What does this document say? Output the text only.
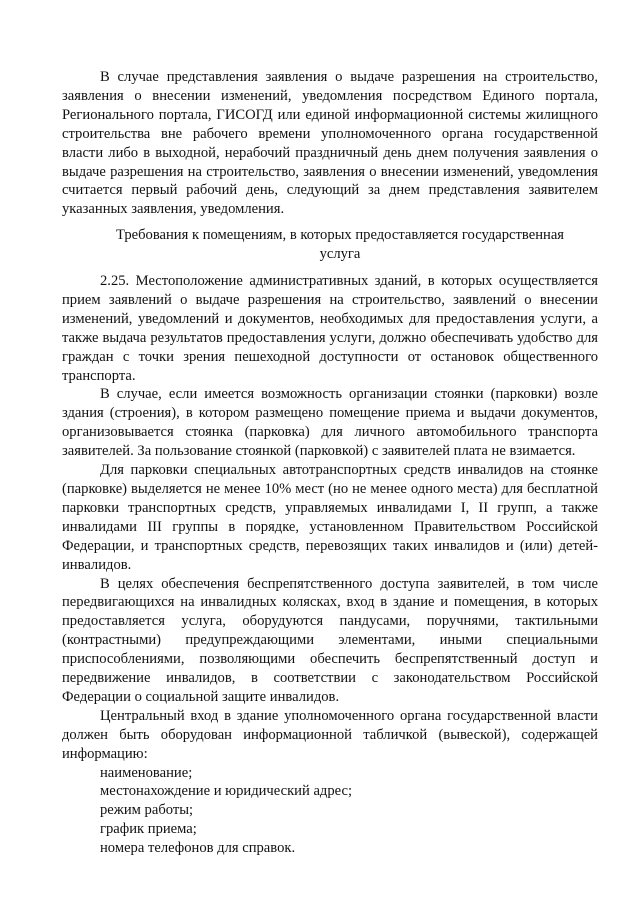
В случае представления заявления о выдаче разрешения на строительство, заявления о внесении изменений, уведомления посредством Единого портала, Регионального портала, ГИСОГД или единой информационной системы жилищного строительства вне рабочего времени уполномоченного органа государственной власти либо в выходной, нерабочий праздничный день днем получения заявления о выдаче разрешения на строительство, заявления о внесении изменений, уведомления считается первый рабочий день, следующий за днем представления заявителем указанных заявления, уведомления.

Требования к помещениям, в которых предоставляется государственная услуга

2.25. Местоположение административных зданий, в которых осуществляется прием заявлений о выдаче разрешения на строительство, заявлений о внесении изменений, уведомлений и документов, необходимых для предоставления услуги, а также выдача результатов предоставления услуги, должно обеспечивать удобство для граждан с точки зрения пешеходной доступности от остановок общественного транспорта.

В случае, если имеется возможность организации стоянки (парковки) возле здания (строения), в котором размещено помещение приема и выдачи документов, организовывается стоянка (парковка) для личного автомобильного транспорта заявителей. За пользование стоянкой (парковкой) с заявителей плата не взимается.

Для парковки специальных автотранспортных средств инвалидов на стоянке (парковке) выделяется не менее 10% мест (но не менее одного места) для бесплатной парковки транспортных средств, управляемых инвалидами I, II групп, а также инвалидами III группы в порядке, установленном Правительством Российской Федерации, и транспортных средств, перевозящих таких инвалидов и (или) детей-инвалидов.

В целях обеспечения беспрепятственного доступа заявителей, в том числе передвигающихся на инвалидных колясках, вход в здание и помещения, в которых предоставляется услуга, оборудуются пандусами, поручнями, тактильными (контрастными) предупреждающими элементами, иными специальными приспособлениями, позволяющими обеспечить беспрепятственный доступ и передвижение инвалидов, в соответствии с законодательством Российской Федерации о социальной защите инвалидов.

Центральный вход в здание уполномоченного органа государственной власти должен быть оборудован информационной табличкой (вывеской), содержащей информацию:

наименование;
местонахождение и юридический адрес;
режим работы;
график приема;
номера телефонов для справок.
